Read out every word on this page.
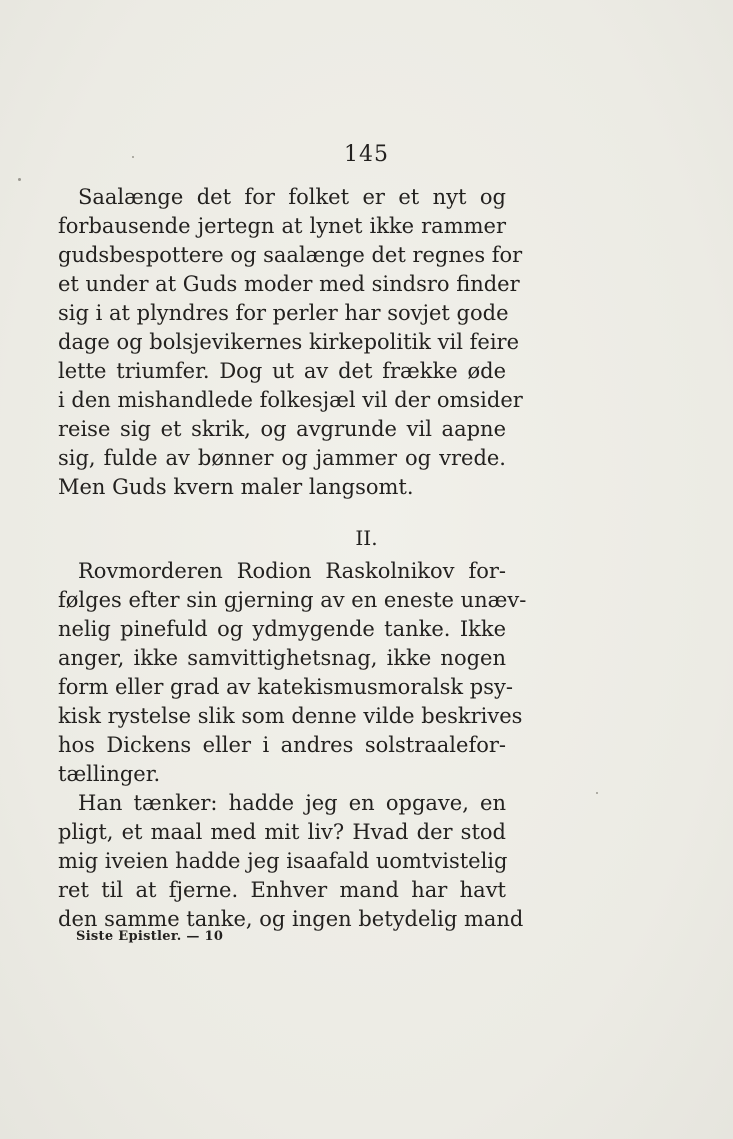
145
Saalænge det for folket er et nyt og
forbausende jertegn at lynet ikke rammer
gudsbespottere og saalænge det regnes for
et under at Guds moder med sindsro finder
sig i at plyndres for perler har sovjet gode
dage og bolsjevikernes kirkepolitik vil feire
lette triumfer. Dog ut av det frække øde
i den mishandlede folkesjæl vil der omsider
reise sig et skrik, og avgrunde vil aapne
sig, fulde av bønner og jammer og vrede.
Men Guds kvern maler langsomt.
II.
Rovmorderen Rodion Raskolnikov for-
følges efter sin gjerning av en eneste unæv-
nelig pinefuld og ydmygende tanke. Ikke
anger, ikke samvittighetsnag, ikke nogen
form eller grad av katekismusmoralsk psy-
kisk rystelse slik som denne vilde beskrives
hos Dickens eller i andres solstraalefor-
tællinger.
Han tænker: hadde jeg en opgave, en
pligt, et maal med mit liv? Hvad der stod
mig iveien hadde jeg isaafald uomtvistelig
ret til at fjerne. Enhver mand har havt
den samme tanke, og ingen betydelig mand
Siste Epistler. — 10
